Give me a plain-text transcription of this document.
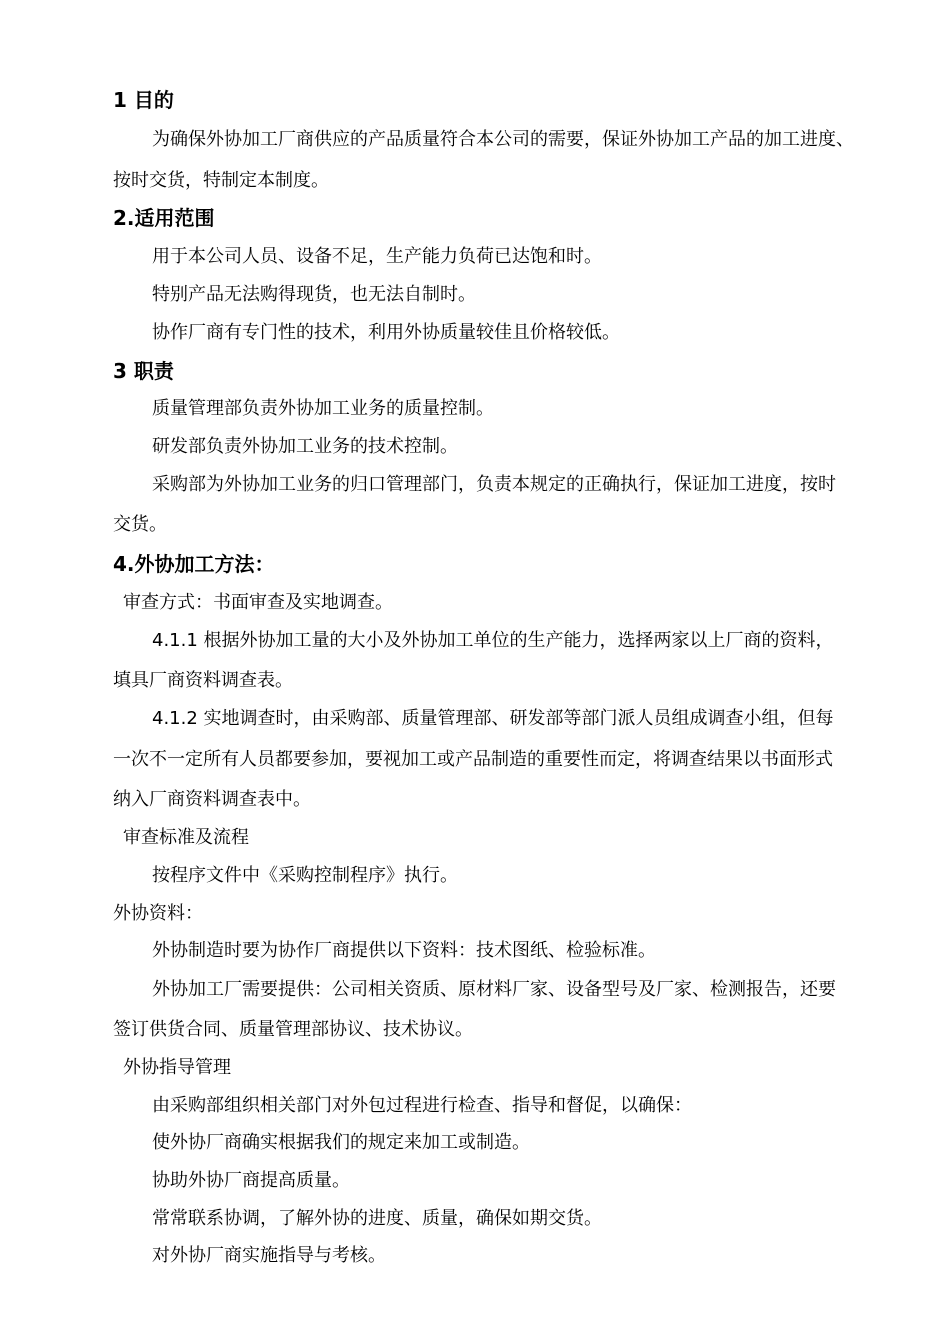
1 目的
为确保外协加工厂商供应的产品质量符合本公司的需要，保证外协加工产品的加工进度、
按时交货，特制定本制度。
2.适用范围
用于本公司人员、设备不足，生产能力负荷已达饱和时。
特别产品无法购得现货，也无法自制时。
协作厂商有专门性的技术，利用外协质量较佳且价格较低。
3 职责
质量管理部负责外协加工业务的质量控制。
研发部负责外协加工业务的技术控制。
采购部为外协加工业务的归口管理部门，负责本规定的正确执行，保证加工进度，按时
交货。
4.外协加工方法：
审查方式：书面审查及实地调查。
4.1.1 根据外协加工量的大小及外协加工单位的生产能力，选择两家以上厂商的资料，
填具厂商资料调查表。
4.1.2 实地调查时，由采购部、质量管理部、研发部等部门派人员组成调查小组，但每
一次不一定所有人员都要参加，要视加工或产品制造的重要性而定，将调查结果以书面形式
纳入厂商资料调查表中。
审查标准及流程
按程序文件中《采购控制程序》执行。
外协资料：
外协制造时要为协作厂商提供以下资料：技术图纸、检验标准。
外协加工厂需要提供：公司相关资质、原材料厂家、设备型号及厂家、检测报告，还要
签订供货合同、质量管理部协议、技术协议。
外协指导管理
由采购部组织相关部门对外包过程进行检查、指导和督促，以确保：
使外协厂商确实根据我们的规定来加工或制造。
协助外协厂商提高质量。
常常联系协调，了解外协的进度、质量，确保如期交货。
对外协厂商实施指导与考核。
